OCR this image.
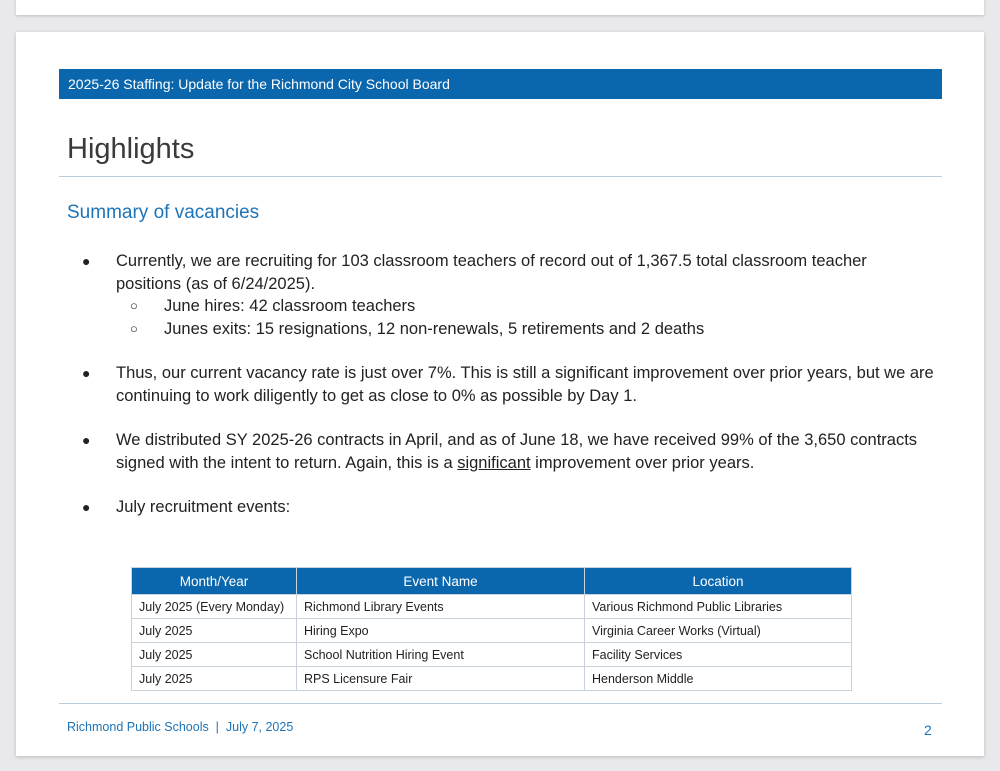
2025-26 Staffing: Update for the Richmond City School Board
Highlights
Summary of vacancies
● Currently, we are recruiting for 103 classroom teachers of record out of 1,367.5 total classroom teacher positions (as of 6/24/2025).
○ June hires: 42 classroom teachers
○ Junes exits: 15 resignations, 12 non-renewals, 5 retirements and 2 deaths
● Thus, our current vacancy rate is just over 7%. This is still a significant improvement over prior years, but we are continuing to work diligently to get as close to 0% as possible by Day 1.
● We distributed SY 2025-26 contracts in April, and as of June 18, we have received 99% of the 3,650 contracts signed with the intent to return. Again, this is a significant improvement over prior years.
● July recruitment events:
Month/Year	Event Name	Location
July 2025 (Every Monday)	Richmond Library Events	Various Richmond Public Libraries
July 2025	Hiring Expo	Virginia Career Works (Virtual)
July 2025	School Nutrition Hiring Event	Facility Services
July 2025	RPS Licensure Fair	Henderson Middle
Richmond Public Schools  |  July 7, 2025	2
